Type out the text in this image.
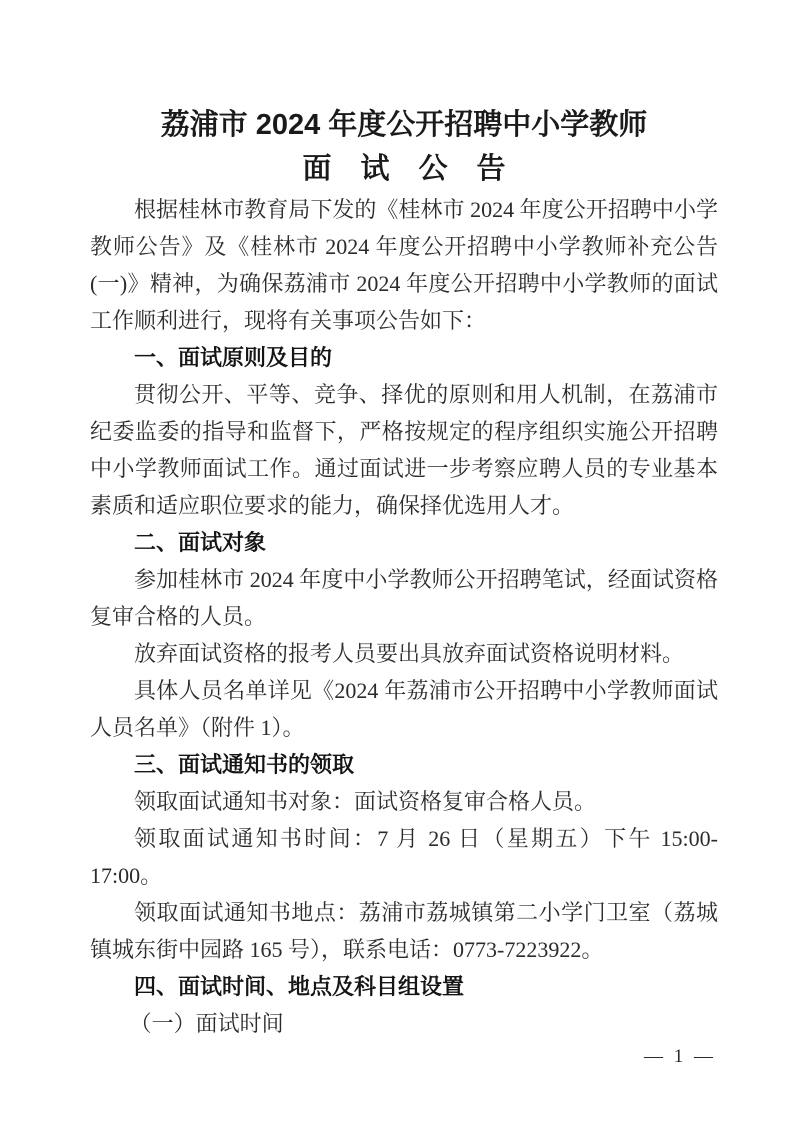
荔浦市 2024 年度公开招聘中小学教师
面　试　公　告

根据桂林市教育局下发的《桂林市 2024 年度公开招聘中小学教师公告》及《桂林市 2024 年度公开招聘中小学教师补充公告(一)》精神，为确保荔浦市 2024 年度公开招聘中小学教师的面试工作顺利进行，现将有关事项公告如下：

一、面试原则及目的

贯彻公开、平等、竞争、择优的原则和用人机制，在荔浦市纪委监委的指导和监督下，严格按规定的程序组织实施公开招聘中小学教师面试工作。通过面试进一步考察应聘人员的专业基本素质和适应职位要求的能力，确保择优选用人才。

二、面试对象

参加桂林市 2024 年度中小学教师公开招聘笔试，经面试资格复审合格的人员。

放弃面试资格的报考人员要出具放弃面试资格说明材料。

具体人员名单详见《2024 年荔浦市公开招聘中小学教师面试人员名单》（附件 1）。

三、面试通知书的领取

领取面试通知书对象：面试资格复审合格人员。

领取面试通知书时间：7 月 26 日（星期五）下午 15:00-17:00。

领取面试通知书地点：荔浦市荔城镇第二小学门卫室（荔城镇城东街中园路 165 号），联系电话：0773-7223922。

四、面试时间、地点及科目组设置

（一）面试时间

— 1 —
